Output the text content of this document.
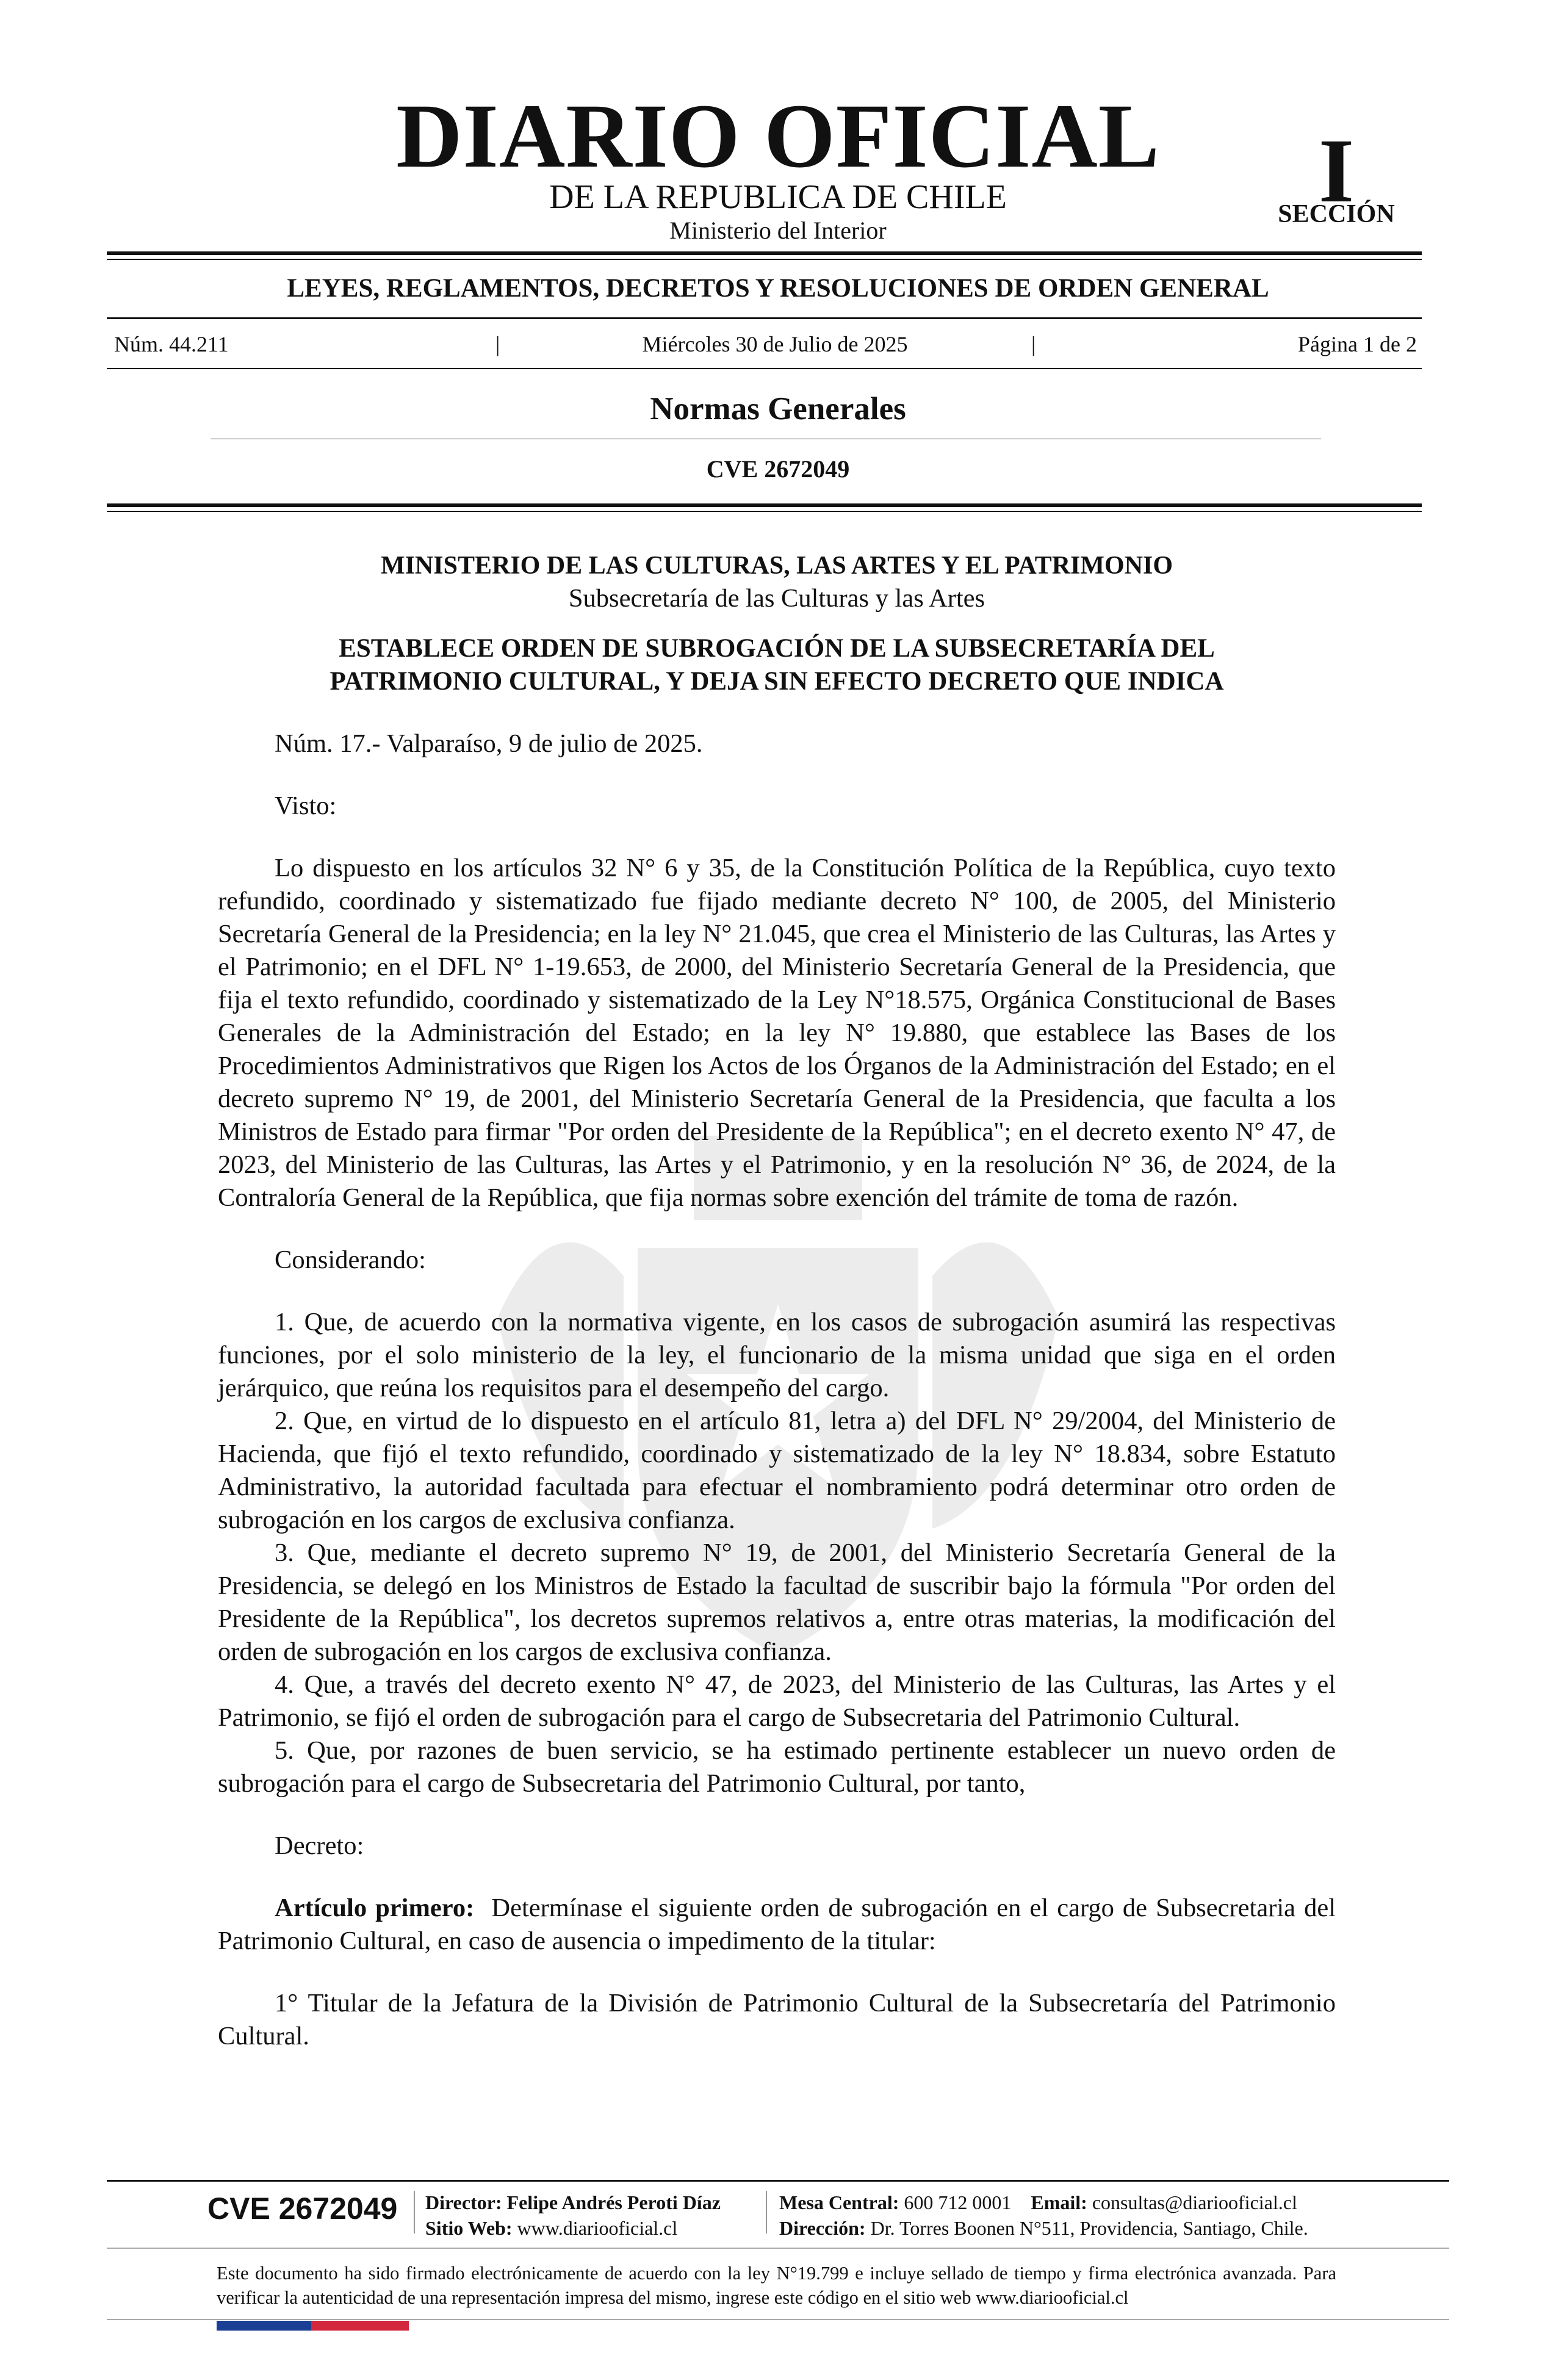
DIARIO OFICIAL
DE LA REPUBLICA DE CHILE
Ministerio del Interior
I
SECCIÓN
LEYES, REGLAMENTOS, DECRETOS Y RESOLUCIONES DE ORDEN GENERAL
Núm. 44.211	|	Miércoles 30 de Julio de 2025	|	Página 1 de 2
Normas Generales
CVE 2672049

MINISTERIO DE LAS CULTURAS, LAS ARTES Y EL PATRIMONIO

Subsecretaría de las Culturas y las Artes

ESTABLECE ORDEN DE SUBROGACIÓN DE LA SUBSECRETARÍA DEL
PATRIMONIO CULTURAL, Y DEJA SIN EFECTO DECRETO QUE INDICA

Núm. 17.- Valparaíso, 9 de julio de 2025.

Visto:

Lo dispuesto en los artículos 32 N° 6 y 35, de la Constitución Política de la República, cuyo texto refundido, coordinado y sistematizado fue fijado mediante decreto N° 100, de 2005, del Ministerio Secretaría General de la Presidencia; en la ley N° 21.045, que crea el Ministerio de las Culturas, las Artes y el Patrimonio; en el DFL N° 1-19.653, de 2000, del Ministerio Secretaría General de la Presidencia, que fija el texto refundido, coordinado y sistematizado de la Ley N°18.575, Orgánica Constitucional de Bases Generales de la Administración del Estado; en la ley N° 19.880, que establece las Bases de los Procedimientos Administrativos que Rigen los Actos de los Órganos de la Administración del Estado; en el decreto supremo N° 19, de 2001, del Ministerio Secretaría General de la Presidencia, que faculta a los Ministros de Estado para firmar "Por orden del Presidente de la República"; en el decreto exento N° 47, de 2023, del Ministerio de las Culturas, las Artes y el Patrimonio, y en la resolución N° 36, de 2024, de la Contraloría General de la República, que fija normas sobre exención del trámite de toma de razón.

Considerando:

1. Que, de acuerdo con la normativa vigente, en los casos de subrogación asumirá las respectivas funciones, por el solo ministerio de la ley, el funcionario de la misma unidad que siga en el orden jerárquico, que reúna los requisitos para el desempeño del cargo.

2. Que, en virtud de lo dispuesto en el artículo 81, letra a) del DFL N° 29/2004, del Ministerio de Hacienda, que fijó el texto refundido, coordinado y sistematizado de la ley N° 18.834, sobre Estatuto Administrativo, la autoridad facultada para efectuar el nombramiento podrá determinar otro orden de subrogación en los cargos de exclusiva confianza.

3. Que, mediante el decreto supremo N° 19, de 2001, del Ministerio Secretaría General de la Presidencia, se delegó en los Ministros de Estado la facultad de suscribir bajo la fórmula "Por orden del Presidente de la República", los decretos supremos relativos a, entre otras materias, la modificación del orden de subrogación en los cargos de exclusiva confianza.

4. Que, a través del decreto exento N° 47, de 2023, del Ministerio de las Culturas, las Artes y el Patrimonio, se fijó el orden de subrogación para el cargo de Subsecretaria del Patrimonio Cultural.

5. Que, por razones de buen servicio, se ha estimado pertinente establecer un nuevo orden de subrogación para el cargo de Subsecretaria del Patrimonio Cultural, por tanto,

Decreto:

Artículo primero: Determínase el siguiente orden de subrogación en el cargo de Subsecretaria del Patrimonio Cultural, en caso de ausencia o impedimento de la titular:

1° Titular de la Jefatura de la División de Patrimonio Cultural de la Subsecretaría del Patrimonio Cultural.

CVE 2672049 Director: Felipe Andrés Peroti Díaz
Sitio Web: www.diariooficial.cl
Mesa Central: 600 712 0001 Email: consultas@diariooficial.cl
Dirección: Dr. Torres Boonen N°511, Providencia, Santiago, Chile.
Este documento ha sido firmado electrónicamente de acuerdo con la ley N°19.799 e incluye sellado de tiempo y firma electrónica avanzada. Para verificar la autenticidad de una representación impresa del mismo, ingrese este código en el sitio web www.diariooficial.cl
